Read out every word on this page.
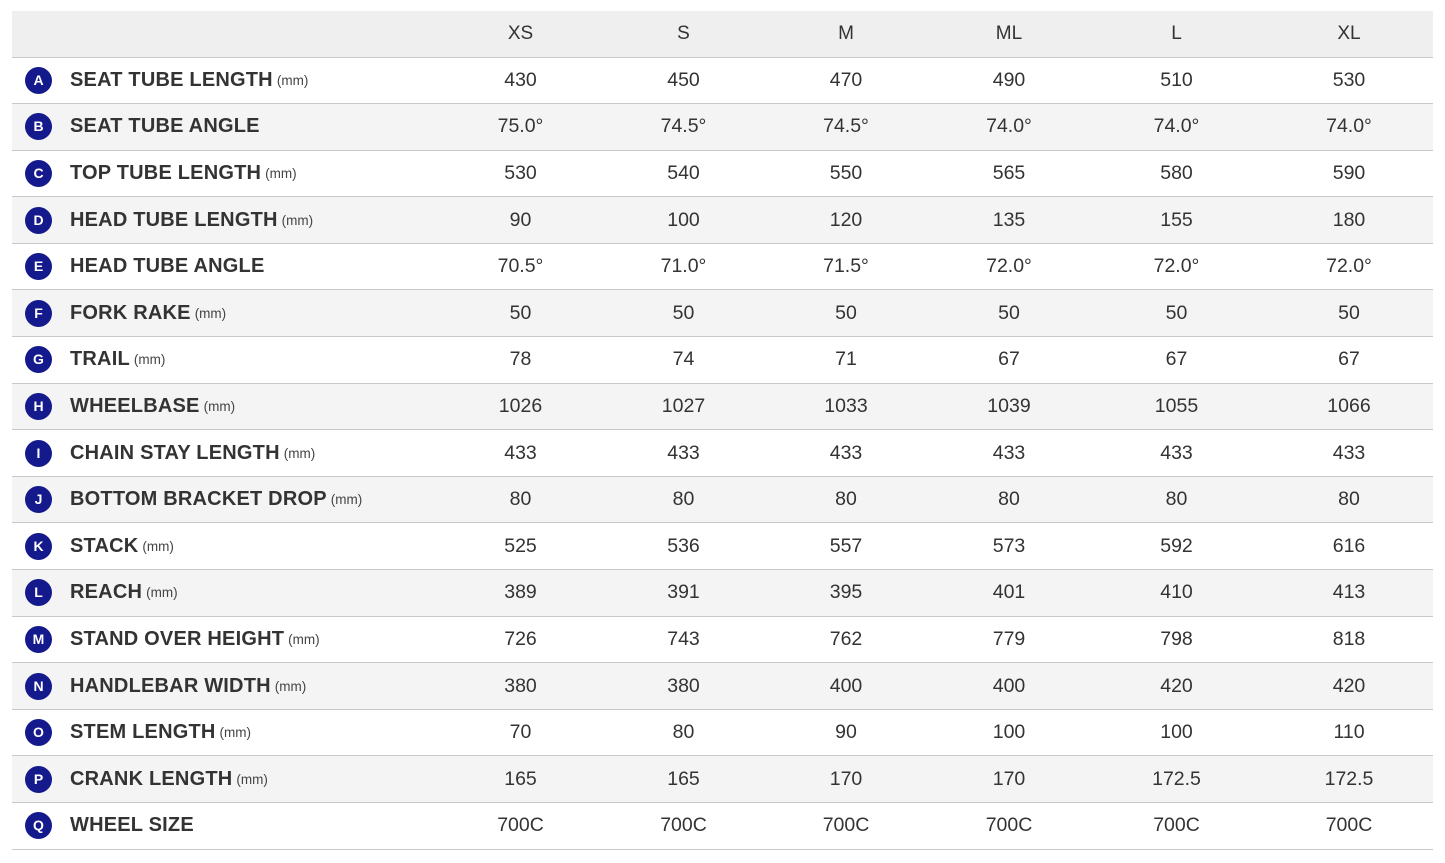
	XS	S	M	ML	L	XL
A SEAT TUBE LENGTH (mm)	430	450	470	490	510	530
B SEAT TUBE ANGLE	75.0°	74.5°	74.5°	74.0°	74.0°	74.0°
C TOP TUBE LENGTH (mm)	530	540	550	565	580	590
D HEAD TUBE LENGTH (mm)	90	100	120	135	155	180
E HEAD TUBE ANGLE	70.5°	71.0°	71.5°	72.0°	72.0°	72.0°
F FORK RAKE (mm)	50	50	50	50	50	50
G TRAIL (mm)	78	74	71	67	67	67
H WHEELBASE (mm)	1026	1027	1033	1039	1055	1066
I CHAIN STAY LENGTH (mm)	433	433	433	433	433	433
J BOTTOM BRACKET DROP (mm)	80	80	80	80	80	80
K STACK (mm)	525	536	557	573	592	616
L REACH (mm)	389	391	395	401	410	413
M STAND OVER HEIGHT (mm)	726	743	762	779	798	818
N HANDLEBAR WIDTH (mm)	380	380	400	400	420	420
O STEM LENGTH (mm)	70	80	90	100	100	110
P CRANK LENGTH (mm)	165	165	170	170	172.5	172.5
Q WHEEL SIZE	700C	700C	700C	700C	700C	700C
